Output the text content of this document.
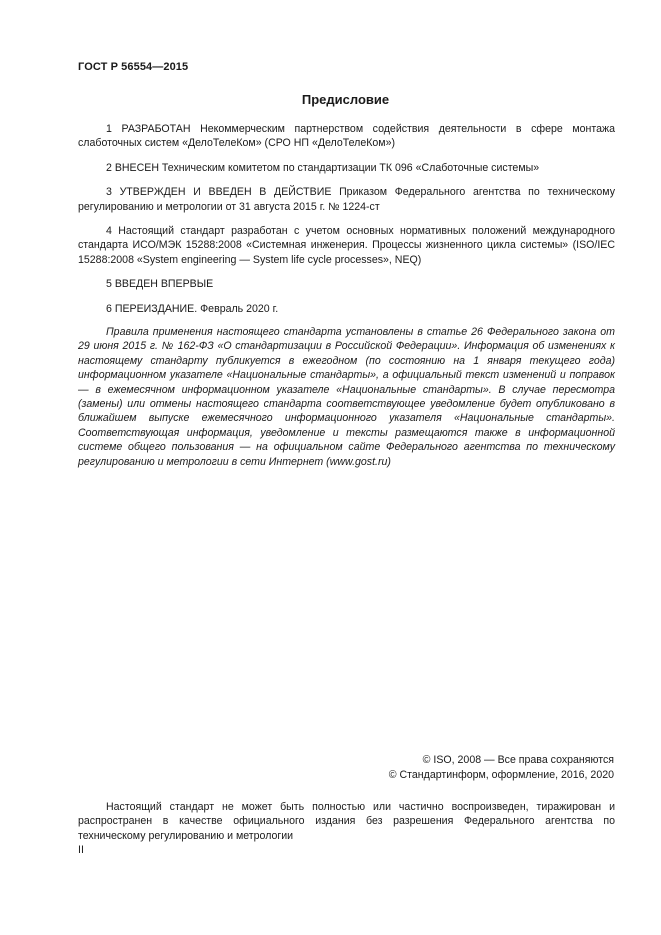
ГОСТ Р 56554—2015
Предисловие

1 РАЗРАБОТАН Некоммерческим партнерством содействия деятельности в сфере монтажа слаботочных систем «ДелоТелеКом» (СРО НП «ДелоТелеКом»)

2 ВНЕСЕН Техническим комитетом по стандартизации ТК 096 «Слаботочные системы»

3 УТВЕРЖДЕН И ВВЕДЕН В ДЕЙСТВИЕ Приказом Федерального агентства по техническому регулированию и метрологии от 31 августа 2015 г. № 1224-ст

4 Настоящий стандарт разработан с учетом основных нормативных положений международного стандарта ИСО/МЭК 15288:2008 «Системная инженерия. Процессы жизненного цикла системы» (ISO/IEC 15288:2008 «System engineering — System life cycle processes», NEQ)

5 ВВЕДЕН ВПЕРВЫЕ

6 ПЕРЕИЗДАНИЕ. Февраль 2020 г.

Правила применения настоящего стандарта установлены в статье 26 Федерального закона от 29 июня 2015 г. № 162-ФЗ «О стандартизации в Российской Федерации». Информация об изменениях к настоящему стандарту публикуется в ежегодном (по состоянию на 1 января текущего года) информационном указателе «Национальные стандарты», а официальный текст изменений и поправок — в ежемесячном информационном указателе «Национальные стандарты». В случае пересмотра (замены) или отмены настоящего стандарта соответствующее уведомление будет опубликовано в ближайшем выпуске ежемесячного информационного указателя «Национальные стандарты». Соответствующая информация, уведомление и тексты размещаются также в информационной системе общего пользования — на официальном сайте Федерального агентства по техническому регулированию и метрологии в сети Интернет (www.gost.ru)

© ISO, 2008 — Все права сохраняются
© Стандартинформ, оформление, 2016, 2020

Настоящий стандарт не может быть полностью или частично воспроизведен, тиражирован и распространен в качестве официального издания без разрешения Федерального агентства по техническому регулированию и метрологии

II
